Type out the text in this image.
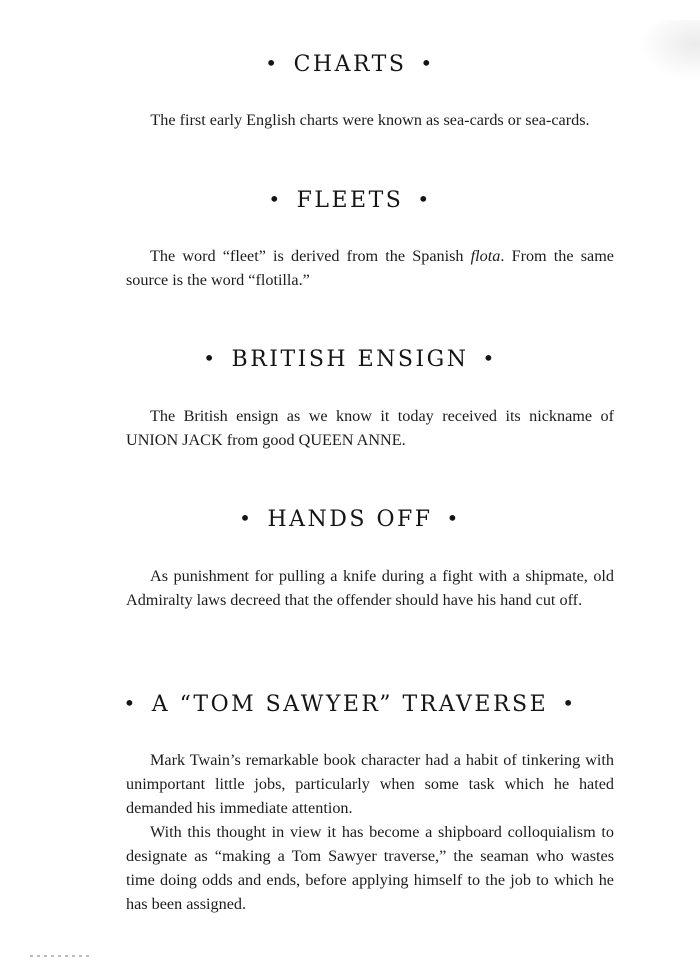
• CHARTS •

The first early English charts were known as sea-cards or sea-cards.

• FLEETS •

The word “fleet” is derived from the Spanish flota. From the same source is the word “flotilla.”

• BRITISH ENSIGN •

The British ensign as we know it today received its nickname of UNION JACK from good QUEEN ANNE.

• HANDS OFF •

As punishment for pulling a knife during a fight with a shipmate, old Admiralty laws decreed that the offender should have his hand cut off.

• A “TOM SAWYER” TRAVERSE •

Mark Twain’s remarkable book character had a habit of tinkering with unimportant little jobs, particularly when some task which he hated demanded his immediate attention.

With this thought in view it has become a shipboard colloquialism to designate as “making a Tom Sawyer traverse,” the seaman who wastes time doing odds and ends, before applying himself to the job to which he has been assigned.
